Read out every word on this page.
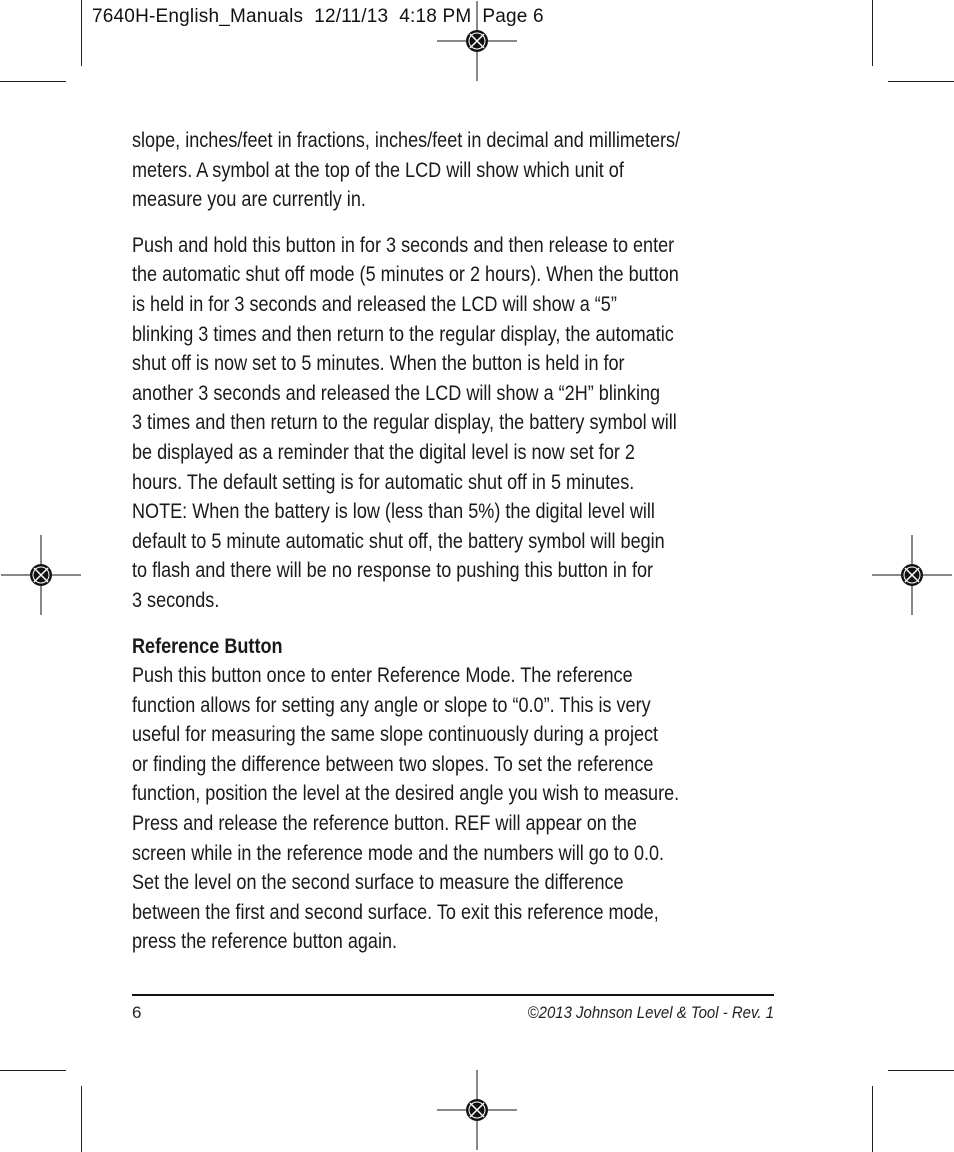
7640H-English_Manuals  12/11/13  4:18 PM  Page 6

slope, inches/feet in fractions, inches/feet in decimal and millimeters/
meters. A symbol at the top of the LCD will show which unit of
measure you are currently in.

Push and hold this button in for 3 seconds and then release to enter
the automatic shut off mode (5 minutes or 2 hours). When the button
is held in for 3 seconds and released the LCD will show a “5”
blinking 3 times and then return to the regular display, the automatic
shut off is now set to 5 minutes. When the button is held in for
another 3 seconds and released the LCD will show a “2H” blinking
3 times and then return to the regular display, the battery symbol will
be displayed as a reminder that the digital level is now set for 2
hours. The default setting is for automatic shut off in 5 minutes.
NOTE: When the battery is low (less than 5%) the digital level will
default to 5 minute automatic shut off, the battery symbol will begin
to flash and there will be no response to pushing this button in for
3 seconds.

Reference Button
Push this button once to enter Reference Mode. The reference
function allows for setting any angle or slope to “0.0”. This is very
useful for measuring the same slope continuously during a project
or finding the difference between two slopes. To set the reference
function, position the level at the desired angle you wish to measure.
Press and release the reference button. REF will appear on the
screen while in the reference mode and the numbers will go to 0.0.
Set the level on the second surface to measure the difference
between the first and second surface. To exit this reference mode,
press the reference button again.

6	©2013 Johnson Level & Tool - Rev. 1
